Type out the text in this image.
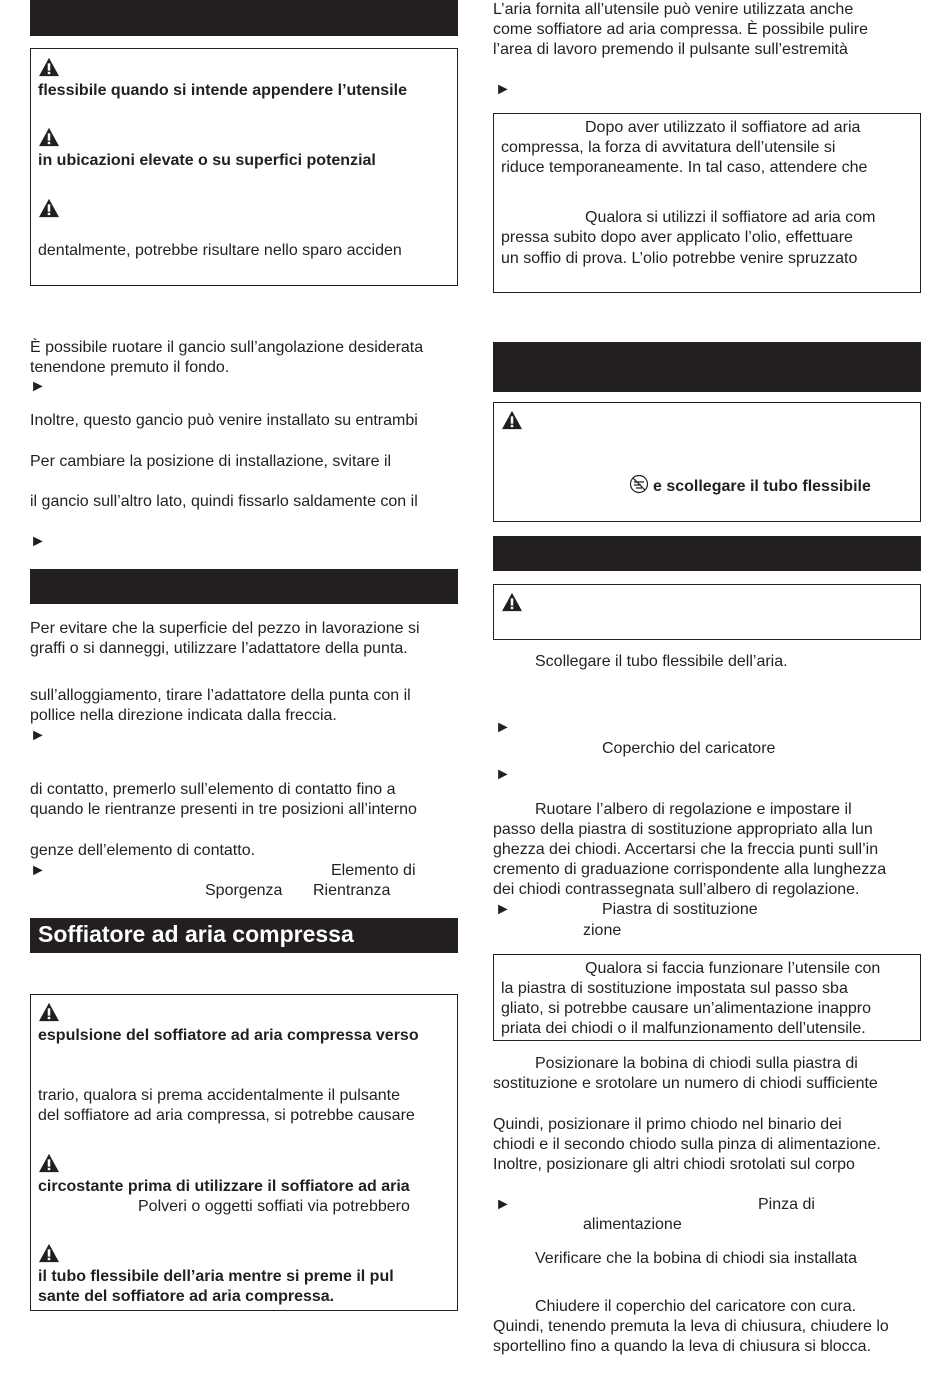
flessibile quando si intende appendere l’utensile
in ubicazioni elevate o su superfici potenzial
dentalmente, potrebbe risultare nello sparo acciden
È possibile ruotare il gancio sull’angolazione desiderata
tenendone premuto il fondo.
►
Inoltre, questo gancio può venire installato su entrambi
Per cambiare la posizione di installazione, svitare il
il gancio sull’altro lato, quindi fissarlo saldamente con il
►
Per evitare che la superficie del pezzo in lavorazione si
graffi o si danneggi, utilizzare l’adattatore della punta.
sull’alloggiamento, tirare l’adattatore della punta con il
pollice nella direzione indicata dalla freccia.
►
di contatto, premerlo sull’elemento di contatto fino a
quando le rientranze presenti in tre posizioni all’interno
genze dell’elemento di contatto.
►	Elemento di
Sporgenza Rientranza
Soffiatore ad aria compressa
espulsione del soffiatore ad aria compressa verso
trario, qualora si prema accidentalmente il pulsante
del soffiatore ad aria compressa, si potrebbe causare
circostante prima di utilizzare il soffiatore ad aria
Polveri o oggetti soffiati via potrebbero
il tubo flessibile dell’aria mentre si preme il pul
sante del soffiatore ad aria compressa.
L’aria fornita all’utensile può venire utilizzata anche
come soffiatore ad aria compressa. È possibile pulire
l’area di lavoro premendo il pulsante sull’estremità
►
Dopo aver utilizzato il soffiatore ad aria
compressa, la forza di avvitatura dell’utensile si
riduce temporaneamente. In tal caso, attendere che
Qualora si utilizzi il soffiatore ad aria com
pressa subito dopo aver applicato l’olio, effettuare
un soffio di prova. L’olio potrebbe venire spruzzato
e scollegare il tubo flessibile
Scollegare il tubo flessibile dell’aria.
►
Coperchio del caricatore
►
Ruotare l’albero di regolazione e impostare il
passo della piastra di sostituzione appropriato alla lun
ghezza dei chiodi. Accertarsi che la freccia punti sull’in
cremento di graduazione corrispondente alla lunghezza
dei chiodi contrassegnata sull’albero di regolazione.
►	Piastra di sostituzione
zione
Qualora si faccia funzionare l’utensile con
la piastra di sostituzione impostata sul passo sba
gliato, si potrebbe causare un’alimentazione inappro
priata dei chiodi o il malfunzionamento dell’utensile.
Posizionare la bobina di chiodi sulla piastra di
sostituzione e srotolare un numero di chiodi sufficiente
Quindi, posizionare il primo chiodo nel binario dei
chiodi e il secondo chiodo sulla pinza di alimentazione.
Inoltre, posizionare gli altri chiodi srotolati sul corpo
►	Pinza di
alimentazione
Verificare che la bobina di chiodi sia installata
Chiudere il coperchio del caricatore con cura.
Quindi, tenendo premuta la leva di chiusura, chiudere lo
sportellino fino a quando la leva di chiusura si blocca.
